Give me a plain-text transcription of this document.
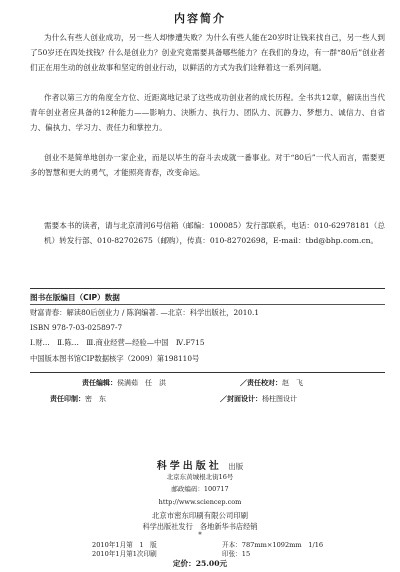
内容简介
为什么有些人创业成功，另一些人却惨遭失败？为什么有些人能在20岁时让钱来找自己，另一些人到了50岁还在四处找钱？什么是创业力？创业究竟需要具备哪些能力？在我们的身边，有一群“80后”创业者们正在用生动的创业故事和坚定的创业行动，以鲜活的方式为我们诠释着这一系列问题。
作者以第三方的角度全方位、近距离地记录了这些成功创业者的成长历程。全书共12章，解读出当代青年创业者应具备的12种能力——影响力、決断力、执行力、团队力、沉静力、梦想力、诚信力、自省力、偏执力、学习力、责任力和掌控力。
创业不是简单地创办一家企业，而是以毕生的奋斗去成就一番事业。对于“80后”一代人而言，需要更多的智慧和更大的勇气，才能照亮青春，改变命运。
需要本书的读者，请与北京清河6号信箱（邮编：100085）发行部联系，电话：010-62978181（总机）转发行部、010-82702675（邮购），传真：010-82702698，E-mail：tbd@bhp.com.cn。
图书在版编目（CIP）数据
财富青春：解读80后创业力 / 陈润编著. —北京：科学出版社，2010.1
ISBN 978-7-03-025897-7
Ⅰ.财…　Ⅱ.陈…　Ⅲ.商业经营—经验—中国　Ⅳ.F715
中国版本图书馆CIP数据核字（2009）第198110号
责任编辑：侯满茹　任　洪	／责任校对：赵　飞
责任印制：密　东	／封面设计：杨柱图设计
科学出版社 出版
北京东黄城根北街16号
邮政编码：100717
http://www.sciencep.com
北京市密东印刷有限公司印刷
科学出版社发行　各地新华书店经销
*
2010年1月第　1　版	开本：787mm×1092mm　1/16
2010年1月第1次印刷	印张：15
定价：25.00元
